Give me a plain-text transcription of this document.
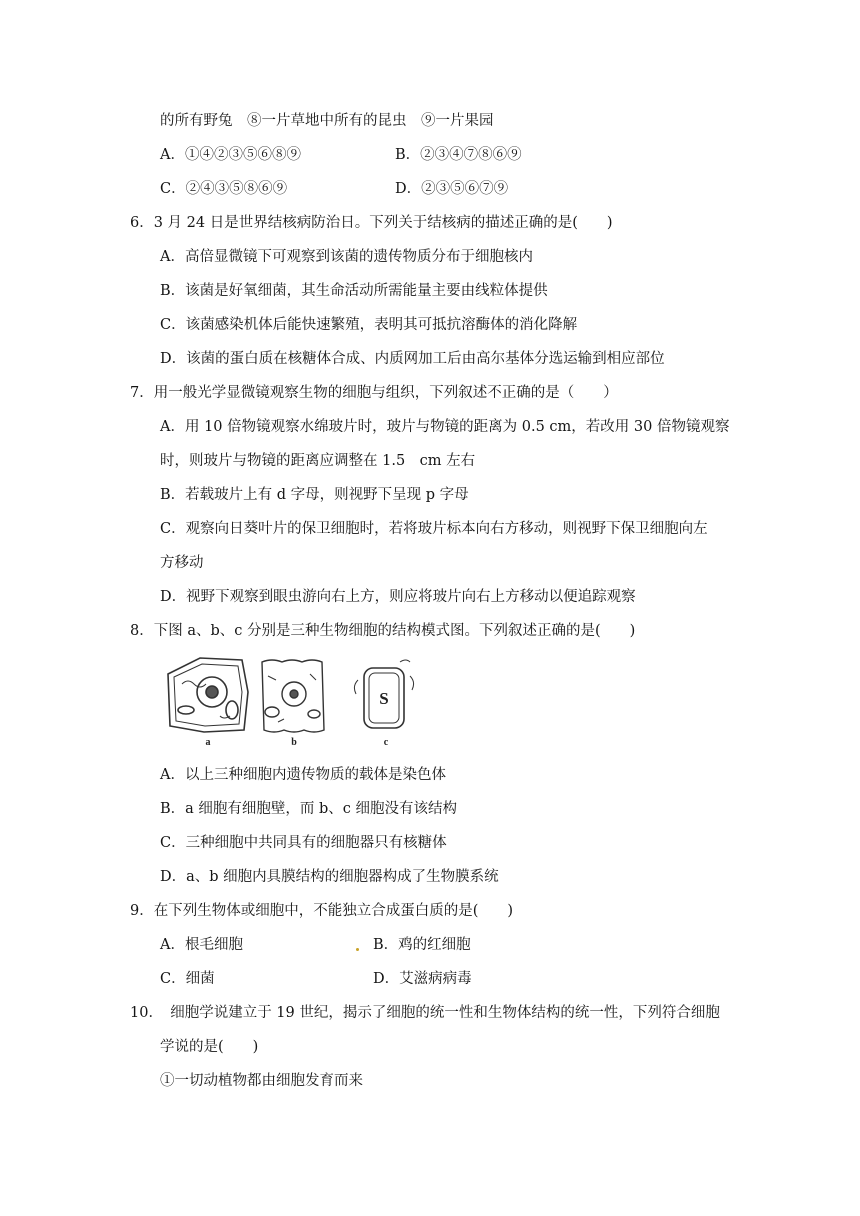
的所有野兔　⑧一片草地中所有的昆虫　⑨一片果园
A．①④②③⑤⑥⑧⑨	B．②③④⑦⑧⑥⑨
C．②④③⑤⑧⑥⑨	D．②③⑤⑥⑦⑨
6．3 月 24 日是世界结核病防治日。下列关于结核病的描述正确的是(　　)
A．高倍显微镜下可观察到该菌的遗传物质分布于细胞核内
B．该菌是好氧细菌，其生命活动所需能量主要由线粒体提供
C．该菌感染机体后能快速繁殖，表明其可抵抗溶酶体的消化降解
D．该菌的蛋白质在核糖体合成、内质网加工后由高尔基体分选运输到相应部位
7．用一般光学显微镜观察生物的细胞与组织，下列叙述不正确的是（　　）
A．用 10 倍物镜观察水绵玻片时，玻片与物镜的距离为 0.5 cm，若改用 30 倍物镜观察
时，则玻片与物镜的距离应调整在 1.5　cm 左右
B．若载玻片上有 d 字母，则视野下呈现 p 字母
C．观察向日葵叶片的保卫细胞时，若将玻片标本向右方移动，则视野下保卫细胞向左
方移动
D．视野下观察到眼虫游向右上方，则应将玻片向右上方移动以便追踪观察
8．下图 a、b、c 分别是三种生物细胞的结构模式图。下列叙述正确的是(　　)
S
a	b	c
A．以上三种细胞内遗传物质的载体是染色体
B．a 细胞有细胞壁，而 b、c 细胞没有该结构
C．三种细胞中共同具有的细胞器只有核糖体
D．a、b 细胞内具膜结构的细胞器构成了生物膜系统
9．在下列生物体或细胞中，不能独立合成蛋白质的是(　　)
A．根毛细胞	B．鸡的红细胞
C．细菌	D．艾滋病病毒
10．　细胞学说建立于 19 世纪，揭示了细胞的统一性和生物体结构的统一性，下列符合细胞
学说的是(　　)
①一切动植物都由细胞发育而来
